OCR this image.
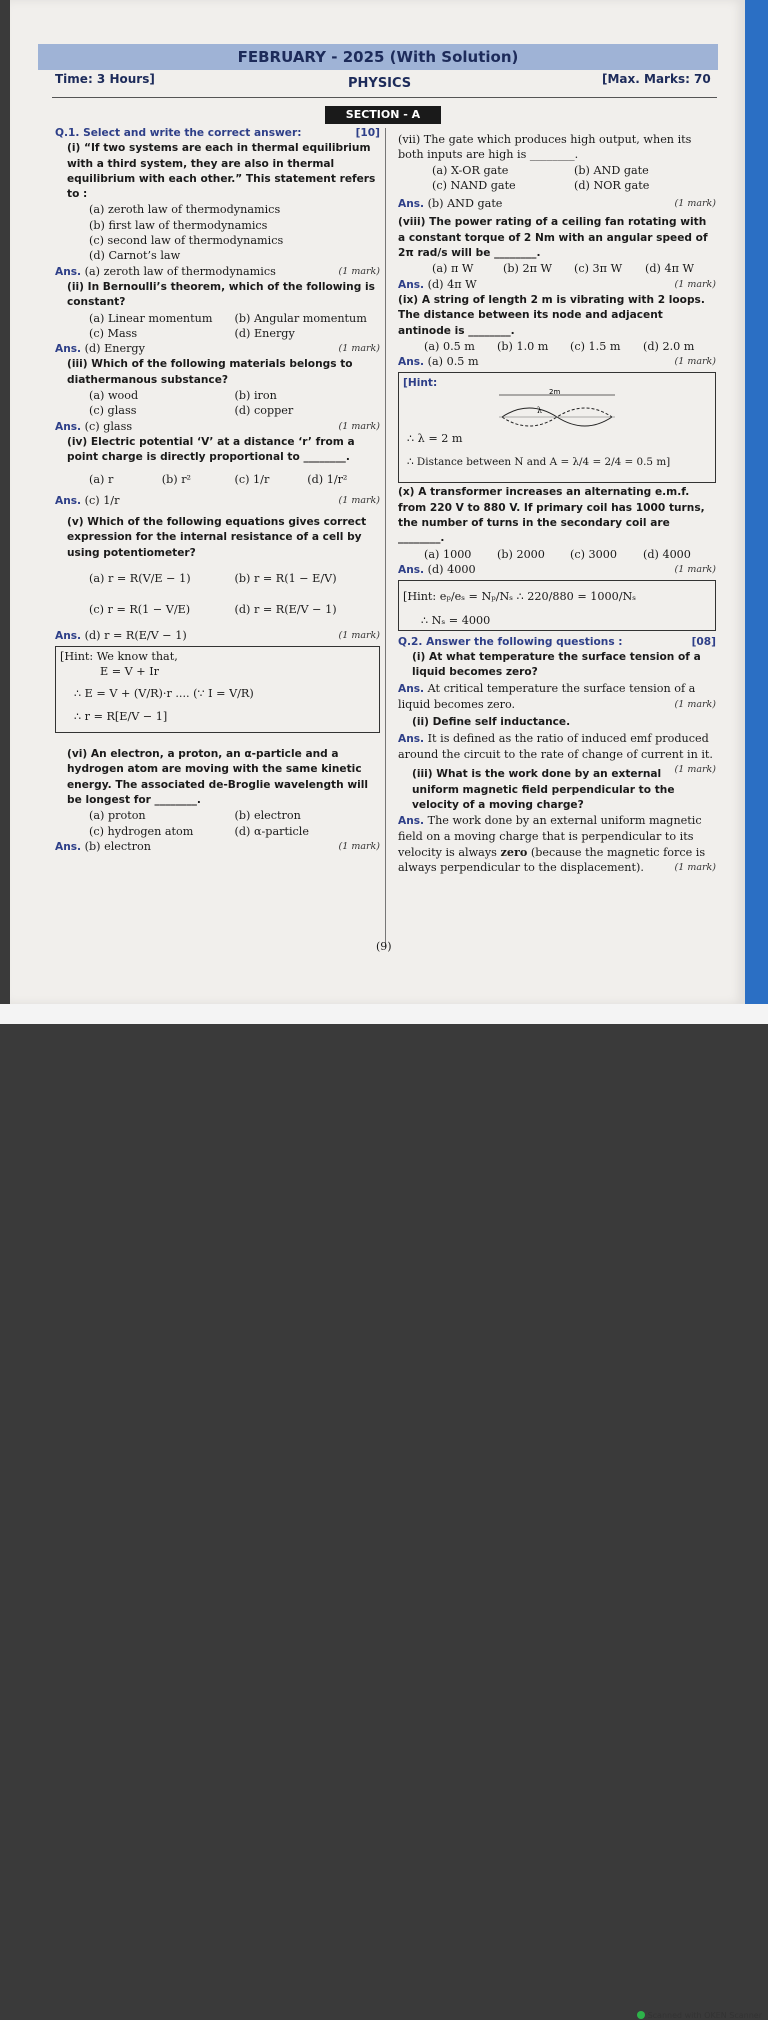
Scanned with OKEN Scanner
FEBRUARY - 2025 (With Solution)
Time: 3 Hours]	PHYSICS	[Max. Marks: 70
SECTION - A

Q.1. Select and write the correct answer:	[10]

(i) “If two systems are each in thermal equilibrium with a third system, they are also in thermal equilibrium with each other.” This statement refers to :

(a) zeroth law of thermodynamics

(b) first law of thermodynamics

(c) second law of thermodynamics

(d) Carnot’s law

Ans. (a) zeroth law of thermodynamics	(1 mark)

(ii) In Bernoulli’s theorem, which of the following is constant?

(a) Linear momentum	(b) Angular momentum
(c) Mass	(d) Energy

Ans. (d) Energy	(1 mark)

(iii) Which of the following materials belongs to diathermanous substance?

(a) wood	(b) iron
(c) glass	(d) copper

Ans. (c) glass	(1 mark)

(iv) Electric potential ‘V’ at a distance ‘r’ from a point charge is directly proportional to ________.

(a) r	(b) r²	(c) 1/r	(d) 1/r²

Ans. (c) 1/r	(1 mark)

(v) Which of the following equations gives correct expression for the internal resistance of a cell by using potentiometer?

(a) r = R(V/E − 1)	(b) r = R(1 − E/V)
(c) r = R(1 − V/E)	(d) r = R(E/V − 1)

Ans. (d) r = R(E/V − 1)	(1 mark)

[Hint: We know that,

E = V + Ir

∴ E = V + (V/R)·r .... (∵ I = V/R)

∴ r = R[E/V − 1]

(vi) An electron, a proton, an α-particle and a hydrogen atom are moving with the same kinetic energy. The associated de-Broglie wavelength will be longest for ________.

(a) proton	(b) electron
(c) hydrogen atom	(d) α-particle

Ans. (b) electron	(1 mark)

(vii) The gate which produces high output, when its both inputs are high is ________.

(a) X-OR gate	(b) AND gate
(c) NAND gate	(d) NOR gate

Ans. (b) AND gate	(1 mark)

(viii) The power rating of a ceiling fan rotating with a constant torque of 2 Nm with an angular speed of 2π rad/s will be ________.

(a) π W	(b) 2π W	(c) 3π W	(d) 4π W

Ans. (d) 4π W	(1 mark)

(ix) A string of length 2 m is vibrating with 2 loops. The distance between its node and adjacent antinode is ________.

(a) 0.5 m	(b) 1.0 m	(c) 1.5 m	(d) 2.0 m

Ans. (a) 0.5 m	(1 mark)

[Hint:

2m
λ

∴ λ = 2 m

∴ Distance between N and A = λ/4 = 2/4 = 0.5 m]

(x) A transformer increases an alternating e.m.f. from 220 V to 880 V. If primary coil has 1000 turns, the number of turns in the secondary coil are ________.

(a) 1000	(b) 2000	(c) 3000	(d) 4000

Ans. (d) 4000	(1 mark)

[Hint: eₚ/eₛ = Nₚ/Nₛ ∴ 220/880 = 1000/Nₛ

∴ Nₛ = 4000

Q.2. Answer the following questions :	[08]

(i) At what temperature the surface tension of a liquid becomes zero?

Ans. At critical temperature the surface tension of a liquid becomes zero.	(1 mark)

(ii) Define self inductance.

Ans. It is defined as the ratio of induced emf produced around the circuit to the rate of change of current in it.
(1 mark)

(iii) What is the work done by an external uniform magnetic field perpendicular to the velocity of a moving charge?

Ans. The work done by an external uniform magnetic field on a moving charge that is perpendicular to its velocity is always zero (because the magnetic force is always perpendicular to the displacement).	(1 mark)

(9)
